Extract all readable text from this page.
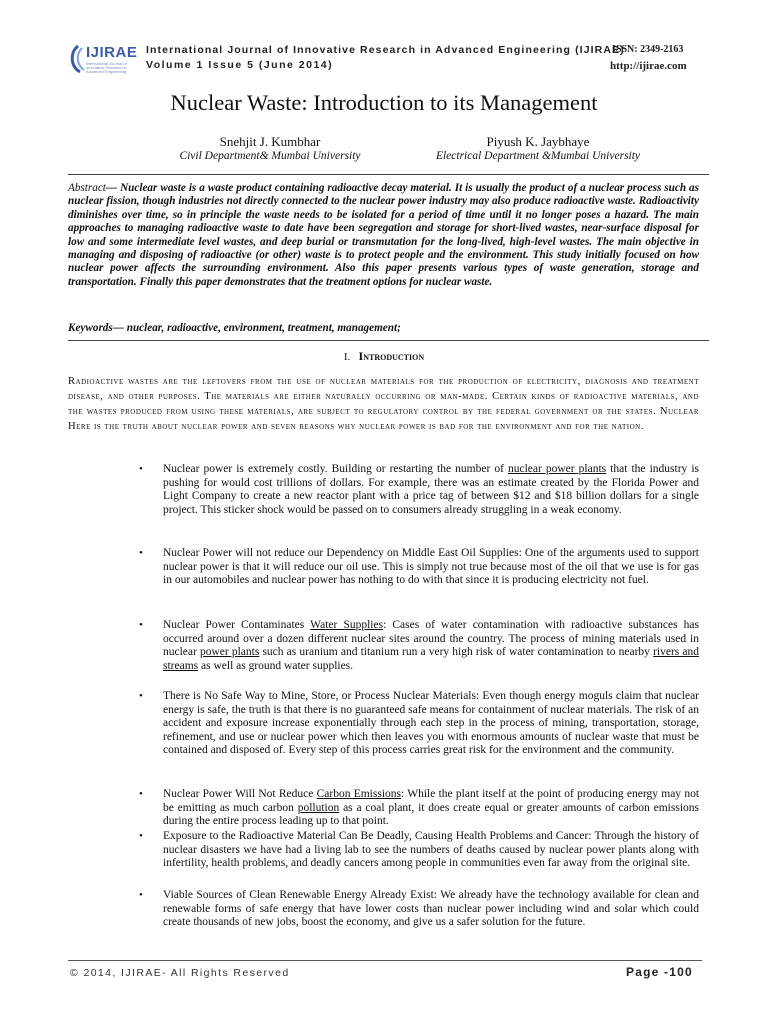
IJIRAE
International Journal of Innovative Research in Advanced Engineering
International Journal of Innovative Research in Advanced Engineering (IJIRAE)
ISSN: 2349-2163
Volume 1 Issue 5 (June 2014)	http://ijirae.com
Nuclear Waste: Introduction to its Management
Snehjit J. Kumbhar
Civil Department& Mumbai University
Piyush K. Jaybhaye
Electrical Department &Mumbai University
Abstract— Nuclear waste is a waste product containing radioactive decay material. It is usually the product of a nuclear process such as nuclear fission, though industries not directly connected to the nuclear power industry may also produce radioactive waste. Radioactivity diminishes over time, so in principle the waste needs to be isolated for a period of time until it no longer poses a hazard. The main approaches to managing radioactive waste to date have been segregation and storage for short-lived wastes, near-surface disposal for low and some intermediate level wastes, and deep burial or transmutation for the long-lived, high-level wastes. The main objective in managing and disposing of radioactive (or other) waste is to protect people and the environment. This study initially focused on how nuclear power affects the surrounding environment. Also this paper presents various types of waste generation, storage and transportation. Finally this paper demonstrates that the treatment options for nuclear waste.
Keywords— nuclear, radioactive, environment, treatment, management;
I. Introduction
Radioactive wastes are the leftovers from the use of nuclear materials for the production of electricity, diagnosis and treatment disease, and other purposes. The materials are either naturally occurring or man-made. Certain kinds of radioactive materials, and the wastes produced from using these materials, are subject to regulatory control by the federal government or the states. Nuclear Here is the truth about nuclear power and seven reasons why nuclear power is bad for the environment and for the nation.
• Nuclear power is extremely costly. Building or restarting the number of nuclear power plants that the industry is pushing for would cost trillions of dollars. For example, there was an estimate created by the Florida Power and Light Company to create a new reactor plant with a price tag of between $12 and $18 billion dollars for a single project. This sticker shock would be passed on to consumers already struggling in a weak economy.
• Nuclear Power will not reduce our Dependency on Middle East Oil Supplies: One of the arguments used to support nuclear power is that it will reduce our oil use. This is simply not true because most of the oil that we use is for gas in our automobiles and nuclear power has nothing to do with that since it is producing electricity not fuel.
• Nuclear Power Contaminates Water Supplies: Cases of water contamination with radioactive substances has occurred around over a dozen different nuclear sites around the country. The process of mining materials used in nuclear power plants such as uranium and titanium run a very high risk of water contamination to nearby rivers and streams as well as ground water supplies.
• There is No Safe Way to Mine, Store, or Process Nuclear Materials: Even though energy moguls claim that nuclear energy is safe, the truth is that there is no guaranteed safe means for containment of nuclear materials. The risk of an accident and exposure increase exponentially through each step in the process of mining, transportation, storage, refinement, and use or nuclear power which then leaves you with enormous amounts of nuclear waste that must be contained and disposed of. Every step of this process carries great risk for the environment and the community.
• Nuclear Power Will Not Reduce Carbon Emissions: While the plant itself at the point of producing energy may not be emitting as much carbon pollution as a coal plant, it does create equal or greater amounts of carbon emissions during the entire process leading up to that point.
• Exposure to the Radioactive Material Can Be Deadly, Causing Health Problems and Cancer: Through the history of nuclear disasters we have had a living lab to see the numbers of deaths caused by nuclear power plants along with infertility, health problems, and deadly cancers among people in communities even far away from the original site.
• Viable Sources of Clean Renewable Energy Already Exist: We already have the technology available for clean and renewable forms of safe energy that have lower costs than nuclear power including wind and solar which could create thousands of new jobs, boost the economy, and give us a safer solution for the future.
© 2014, IJIRAE- All Rights Reserved	Page -100
